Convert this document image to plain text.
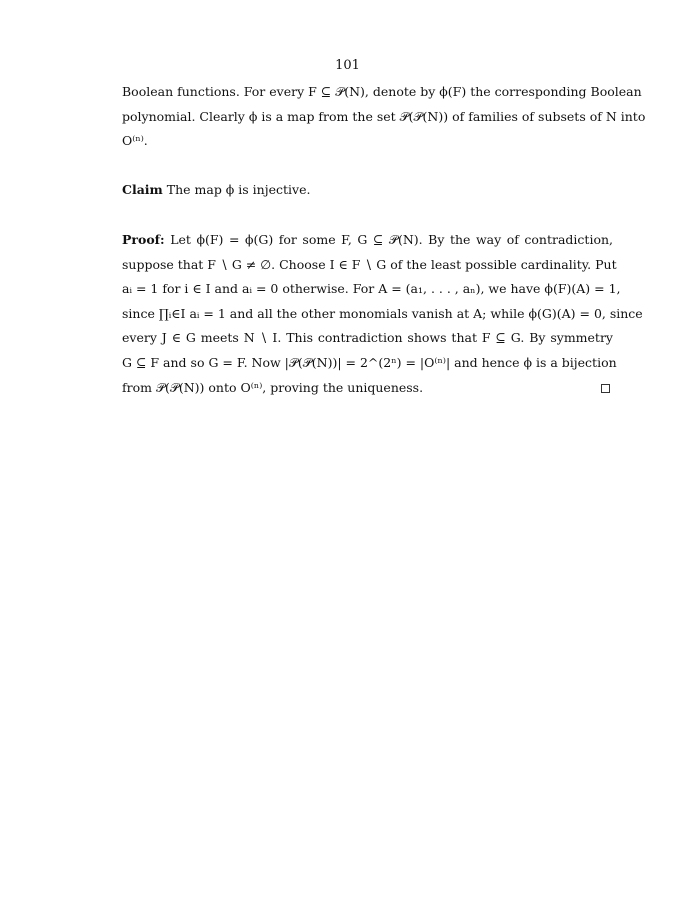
101
Boolean functions. For every F ⊆ 𝒫(N), denote by ϕ(F) the corresponding Boolean
polynomial. Clearly ϕ is a map from the set 𝒫(𝒫(N)) of families of subsets of N into
O⁽ⁿ⁾.
Claim The map ϕ is injective.
Proof: Let ϕ(F) = ϕ(G) for some F, G ⊆ 𝒫(N). By the way of contradiction,
suppose that F ∖ G ≠ ∅. Choose I ∈ F ∖ G of the least possible cardinality. Put
aᵢ = 1 for i ∈ I and aᵢ = 0 otherwise. For A = (a₁, . . . , aₙ), we have ϕ(F)(A) = 1,
since ∏ᵢ∈I aᵢ = 1 and all the other monomials vanish at A; while ϕ(G)(A) = 0, since
every J ∈ G meets N ∖ I. This contradiction shows that F ⊆ G. By symmetry
G ⊆ F and so G = F. Now |𝒫(𝒫(N))| = 2^(2ⁿ) = |O⁽ⁿ⁾| and hence ϕ is a bijection
from 𝒫(𝒫(N)) onto O⁽ⁿ⁾, proving the uniqueness.
